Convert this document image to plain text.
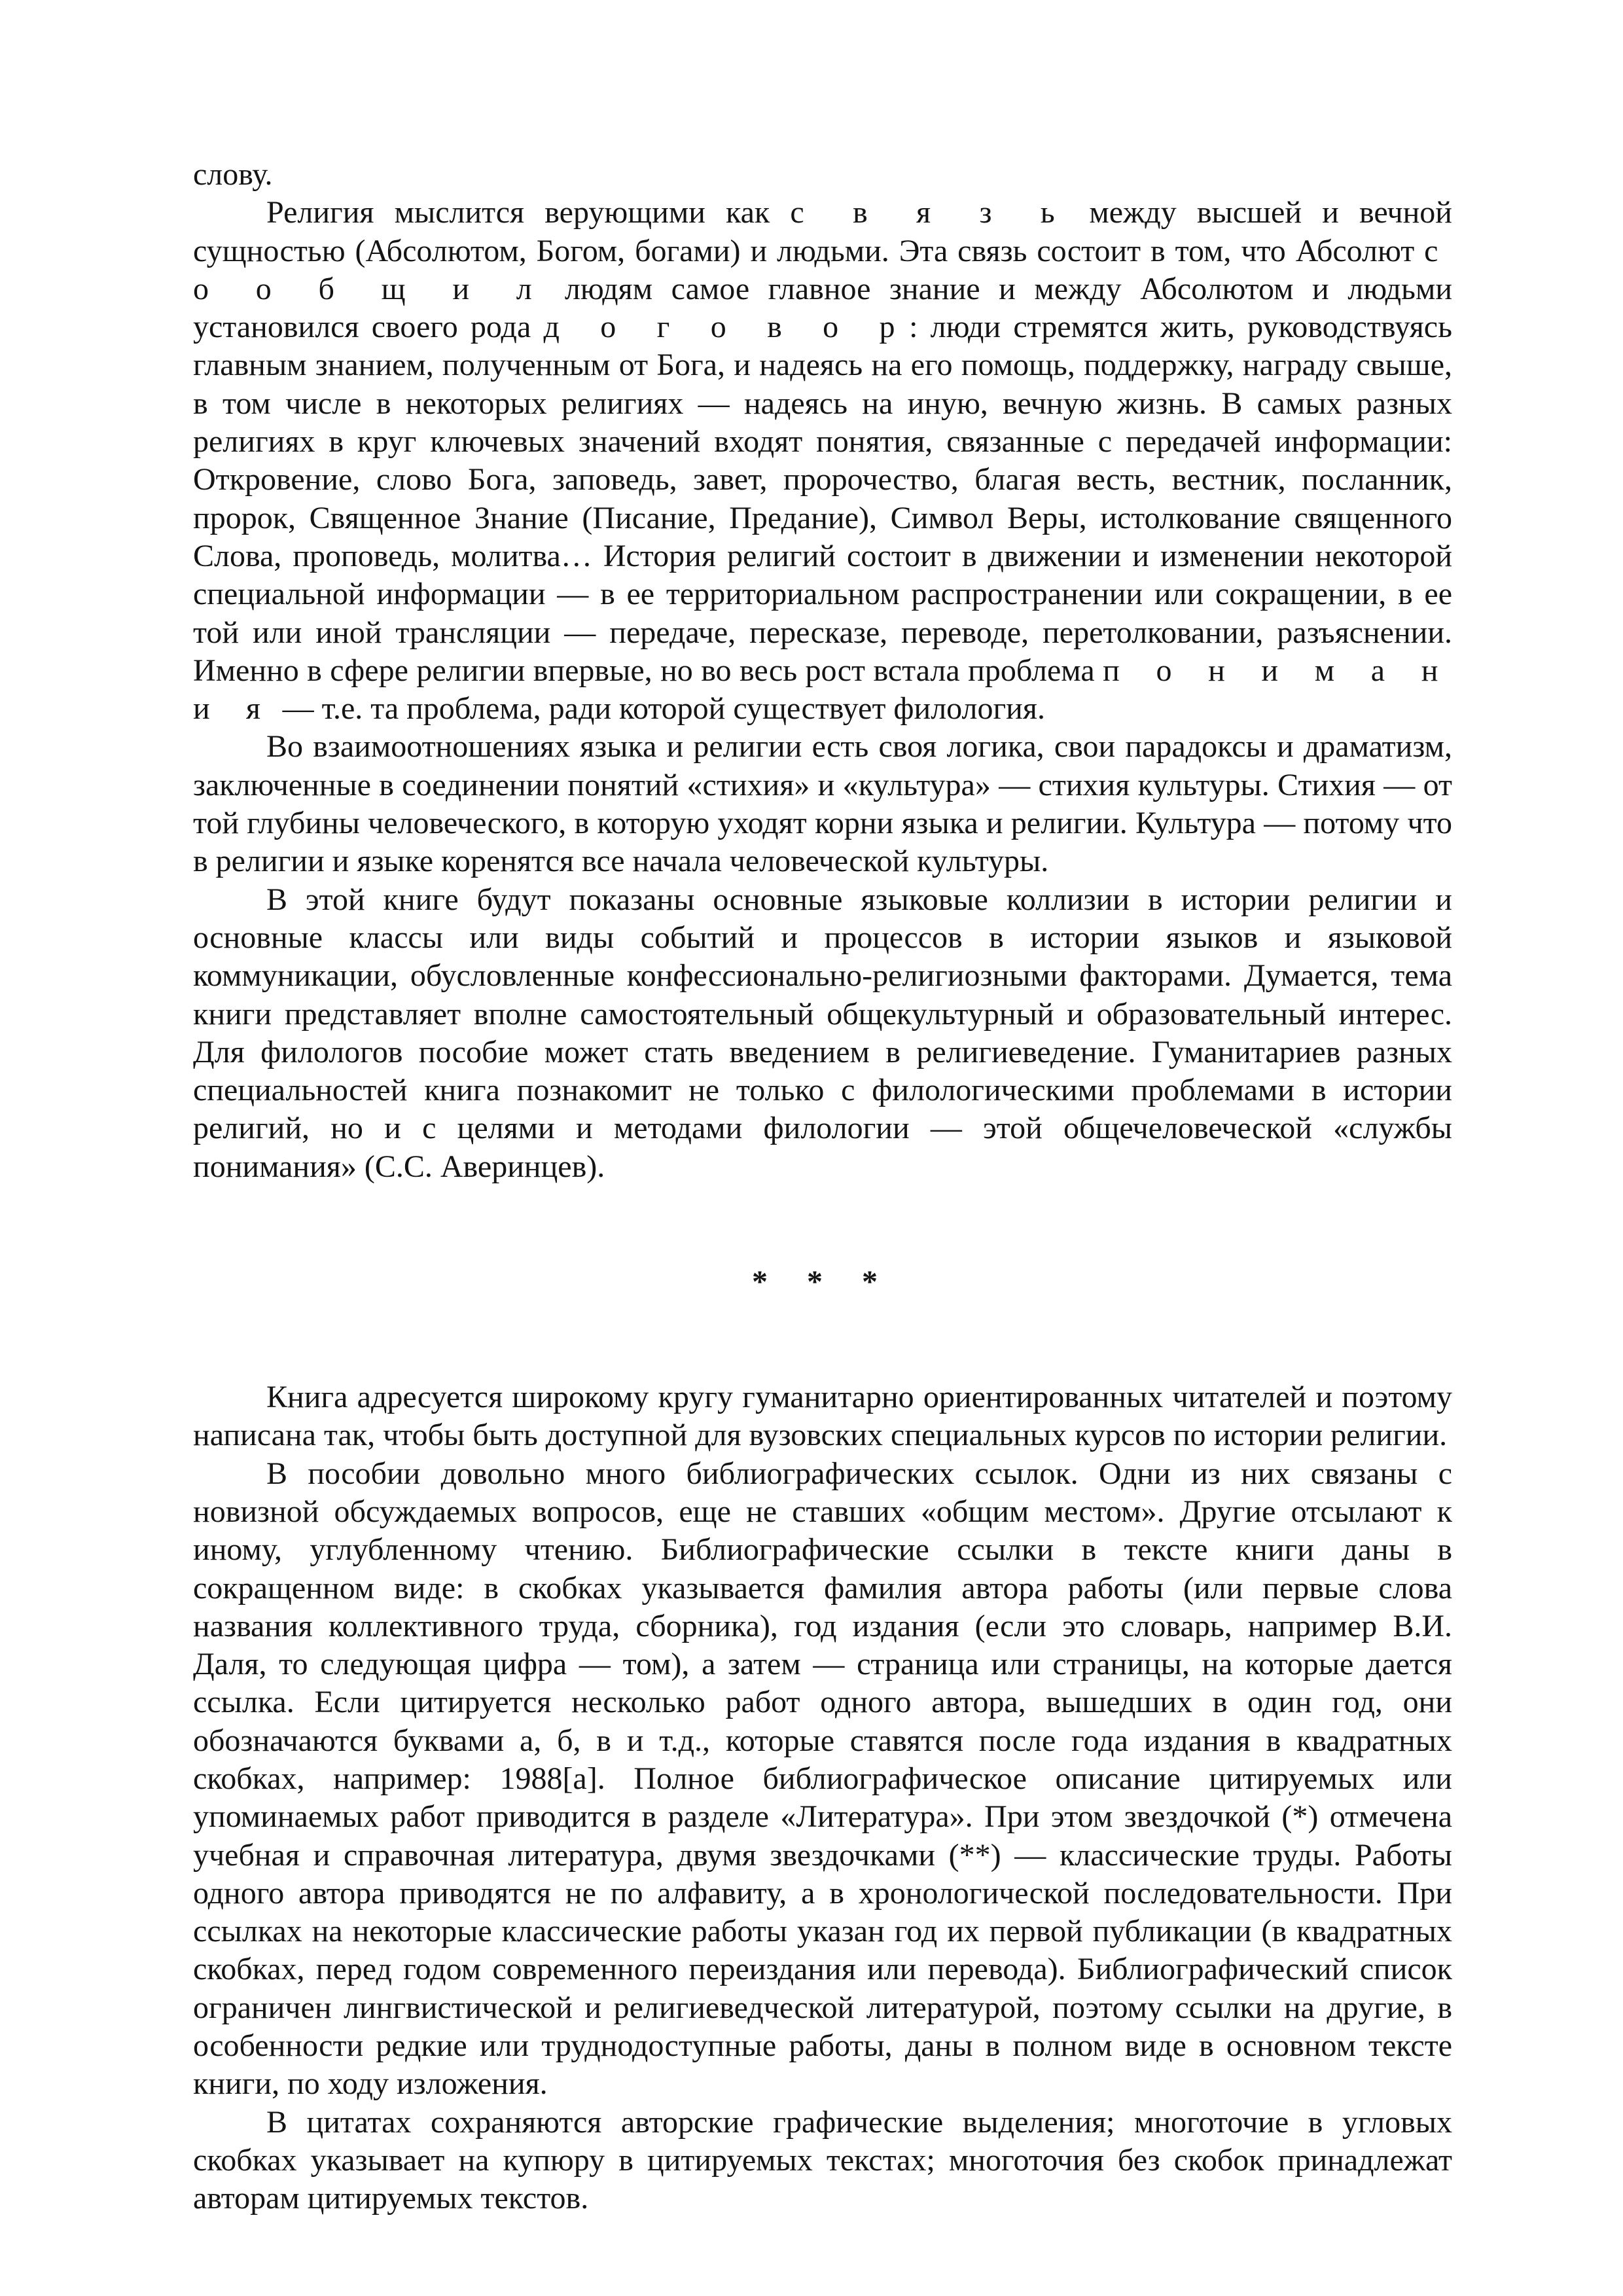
слову.

Религия мыслится верующими как с в я з ь между высшей и вечной сущностью (Абсолютом, Богом, богами) и людьми. Эта связь состоит в том, что Абсолют с о о б щ и л людям самое главное знание и между Абсолютом и людьми установился своего рода д о г о в о р: люди стремятся жить, руководствуясь главным знанием, полученным от Бога, и надеясь на его помощь, поддержку, награду свыше, в том числе в некоторых религиях — надеясь на иную, вечную жизнь. В самых разных религиях в круг ключевых значений входят понятия, связанные с передачей информации: Откровение, слово Бога, заповедь, завет, пророчество, благая весть, вестник, посланник, пророк, Священное Знание (Писание, Предание), Символ Веры, истолкование священного Слова, проповедь, молитва… История религий состоит в движении и изменении некоторой специальной информации — в ее территориальном распространении или сокращении, в ее той или иной трансляции — передаче, пересказе, переводе, перетолковании, разъяснении. Именно в сфере религии впервые, но во весь рост встала проблема п о н и м а н и я — т.е. та проблема, ради которой существует филология.

Во взаимоотношениях языка и религии есть своя логика, свои парадоксы и драматизм, заключенные в соединении понятий «стихия» и «культура» — стихия культуры. Стихия — от той глубины человеческого, в которую уходят корни языка и религии. Культура — потому что в религии и языке коренятся все начала человеческой культуры.

В этой книге будут показаны основные языковые коллизии в истории религии и основные классы или виды событий и процессов в истории языков и языковой коммуникации, обусловленные конфессионально-религиозными факторами. Думается, тема книги представляет вполне самостоятельный общекультурный и образовательный интерес. Для филологов пособие может стать введением в религиеведение. Гуманитариев разных специальностей книга познакомит не только с филологическими проблемами в истории религий, но и с целями и методами филологии — этой общечеловеческой «службы понимания» (С.С. Аверинцев).

* * *

Книга адресуется широкому кругу гуманитарно ориентированных читателей и поэтому написана так, чтобы быть доступной для вузовских специальных курсов по истории религии.

В пособии довольно много библиографических ссылок. Одни из них связаны с новизной обсуждаемых вопросов, еще не ставших «общим местом». Другие отсылают к иному, углубленному чтению. Библиографические ссылки в тексте книги даны в сокращенном виде: в скобках указывается фамилия автора работы (или первые слова названия коллективного труда, сборника), год издания (если это словарь, например В.И. Даля, то следующая цифра — том), а затем — страница или страницы, на которые дается ссылка. Если цитируется несколько работ одного автора, вышедших в один год, они обозначаются буквами а, б, в и т.д., которые ставятся после года издания в квадратных скобках, например: 1988[а]. Полное библиографическое описание цитируемых или упоминаемых работ приводится в разделе «Литература». При этом звездочкой (*) отмечена учебная и справочная литература, двумя звездочками (**) — классические труды. Работы одного автора приводятся не по алфавиту, а в хронологической последовательности. При ссылках на некоторые классические работы указан год их первой публикации (в квадратных скобках, перед годом современного переиздания или перевода). Библиографический список ограничен лингвистической и религиеведческой литературой, поэтому ссылки на другие, в особенности редкие или труднодоступные работы, даны в полном виде в основном тексте книги, по ходу изложения.

В цитатах сохраняются авторские графические выделения; многоточие в угловых скобках указывает на купюру в цитируемых текстах; многоточия без скобок принадлежат авторам цитируемых текстов.
